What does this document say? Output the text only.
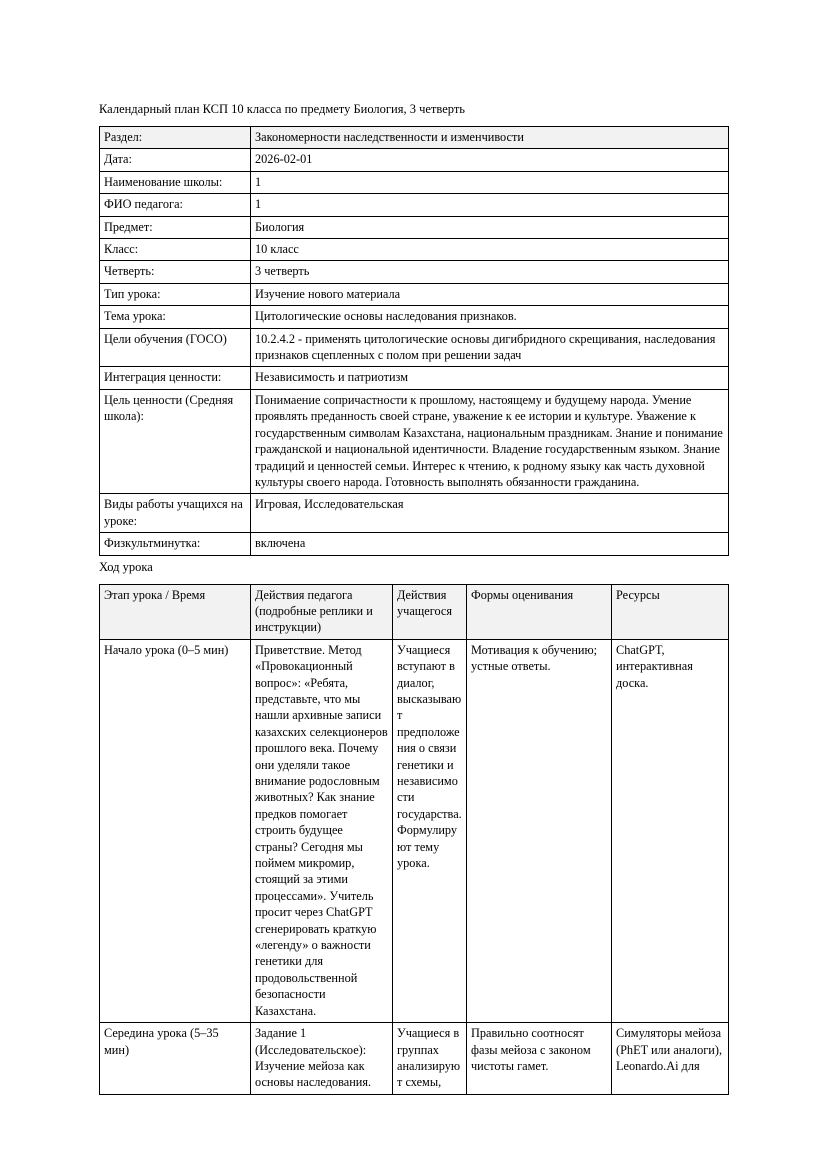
Календарный план КСП 10 класса по предмету Биология, 3 четверть
Раздел:	Закономерности наследственности и изменчивости
Дата:	2026-02-01
Наименование школы:	1
ФИО педагога:	1
Предмет:	Биология
Класс:	10 класс
Четверть:	3 четверть
Тип урока:	Изучение нового материала
Тема урока:	Цитологические основы наследования признаков.
Цели обучения (ГОСО)	10.2.4.2 - применять цитологические основы дигибридного скрещивания, наследования признаков сцепленных с полом при решении задач
Интеграция ценности:	Независимость и патриотизм
Цель ценности (Средняя школа):	Понимаение сопричастности к прошлому, настоящему и будущему народа. Умение проявлять преданность своей стране, уважение к ее истории и культуре. Уважение к государственным символам Казахстана, национальным праздникам. Знание и понимание гражданской и национальной идентичности. Владение государственным языком. Знание традиций и ценностей семьи. Интерес к чтению, к родному языку как часть духовной культуры своего народа. Готовность выполнять обязанности гражданина.
Виды работы учащихся на уроке:	Игровая, Исследовательская
Физкультминутка:	включена
Ход урока
Этап урока / Время	Действия педагога (подробные реплики и инструкции)	Действия учащегося	Формы оценивания	Ресурсы
Начало урока (0–5 мин)	Приветствие. Метод «Провокационный вопрос»: «Ребята, представьте, что мы нашли архивные записи казахских селекционеров прошлого века. Почему они уделяли такое внимание родословным животных? Как знание предков помогает строить будущее страны? Сегодня мы поймем микромир, стоящий за этими процессами». Учитель просит через ChatGPT сгенерировать краткую «легенду» о важности генетики для продовольственной безопасности Казахстана.	Учащиеся вступают в диалог, высказывают предположения о связи генетики и независимости государства. Формулируют тему урока.	Мотивация к обучению; устные ответы.	ChatGPT, интерактивная доска.
Середина урока (5–35 мин)	Задание 1 (Исследовательское): Изучение мейоза как основы наследования.	Учащиеся в группах анализируют схемы,	Правильно соотносят фазы мейоза с законом чистоты гамет.	Симуляторы мейоза (PhET или аналоги), Leonardo.Ai для
